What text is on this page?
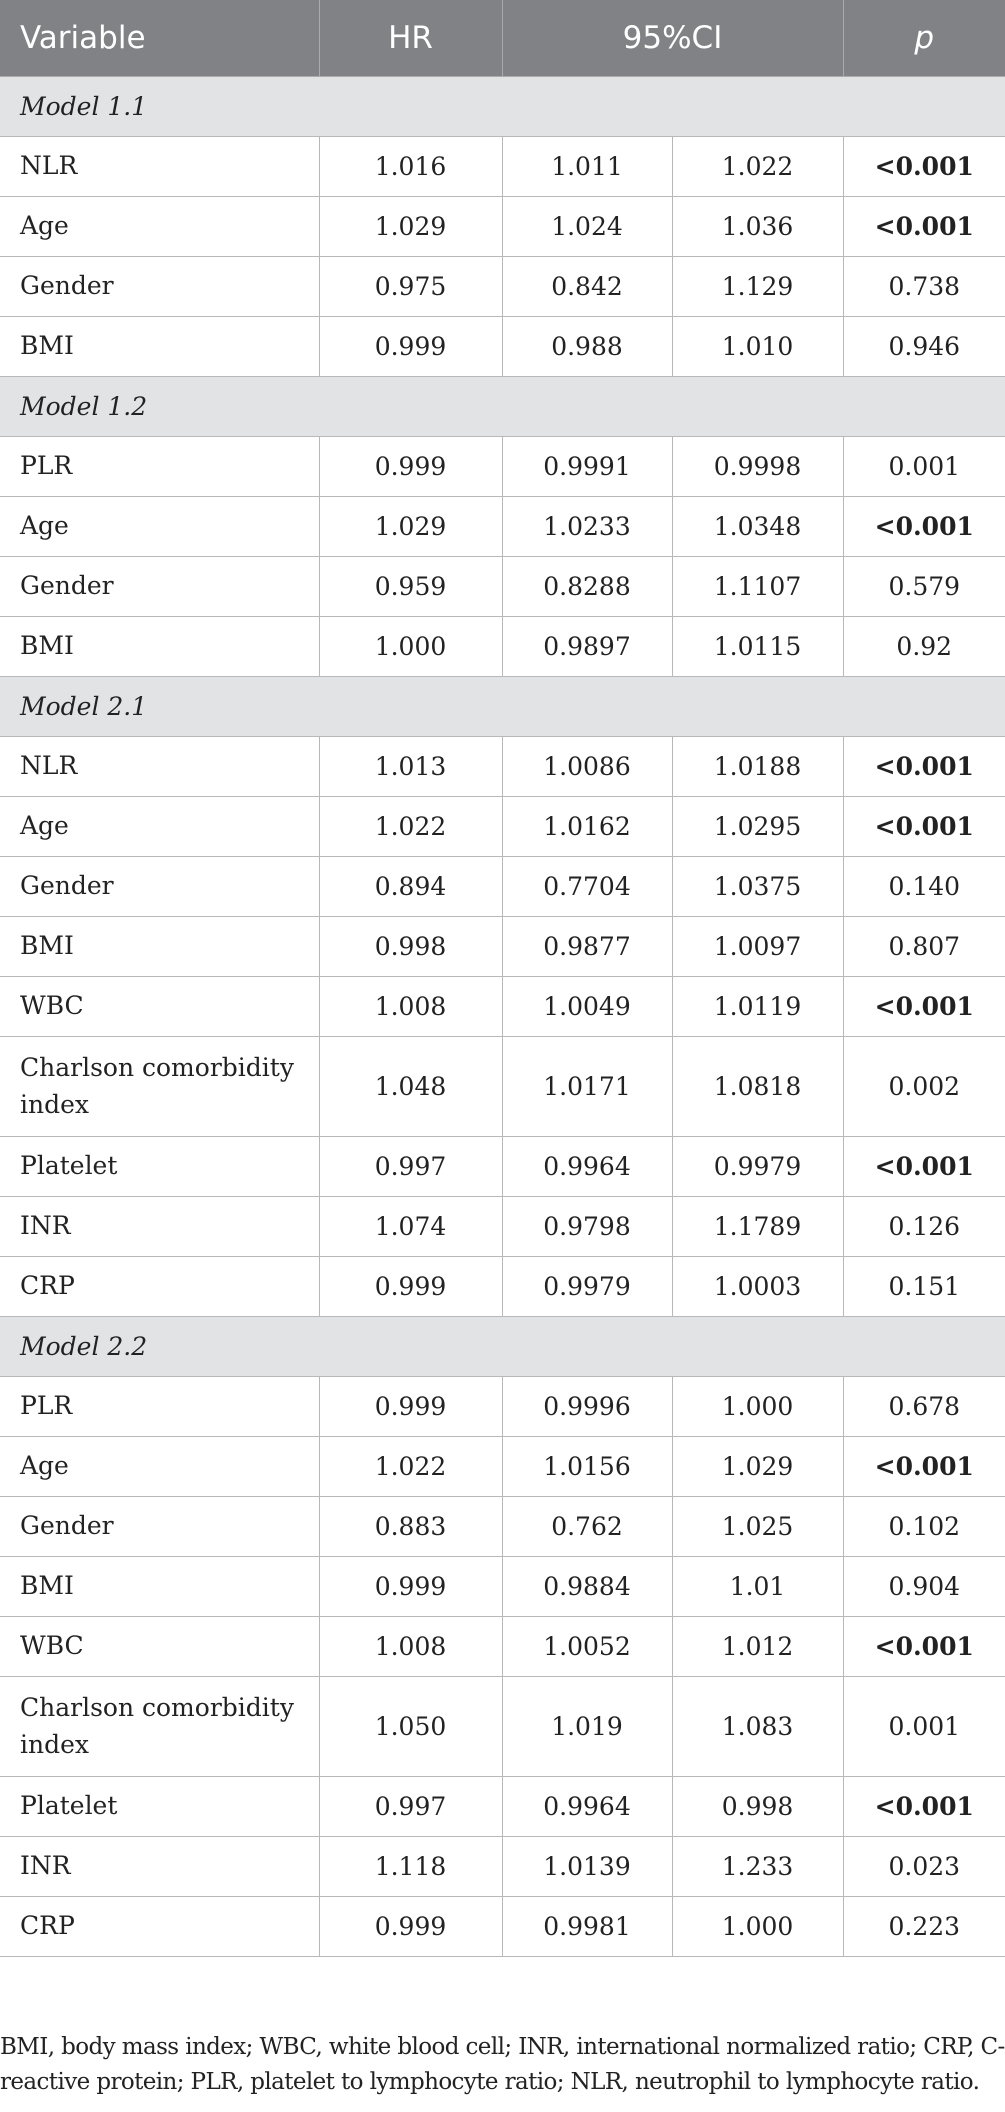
Variable	HR	95%CI		p
Model 1.1				
NLR	1.016	1.011	1.022	<0.001
Age	1.029	1.024	1.036	<0.001
Gender	0.975	0.842	1.129	0.738
BMI	0.999	0.988	1.010	0.946
Model 1.2				
PLR	0.999	0.9991	0.9998	0.001
Age	1.029	1.0233	1.0348	<0.001
Gender	0.959	0.8288	1.1107	0.579
BMI	1.000	0.9897	1.0115	0.92
Model 2.1				
NLR	1.013	1.0086	1.0188	<0.001
Age	1.022	1.0162	1.0295	<0.001
Gender	0.894	0.7704	1.0375	0.140
BMI	0.998	0.9877	1.0097	0.807
WBC	1.008	1.0049	1.0119	<0.001
Charlson comorbidity index	1.048	1.0171	1.0818	0.002
Platelet	0.997	0.9964	0.9979	<0.001
INR	1.074	0.9798	1.1789	0.126
CRP	0.999	0.9979	1.0003	0.151
Model 2.2				
PLR	0.999	0.9996	1.000	0.678
Age	1.022	1.0156	1.029	<0.001
Gender	0.883	0.762	1.025	0.102
BMI	0.999	0.9884	1.01	0.904
WBC	1.008	1.0052	1.012	<0.001
Charlson comorbidity index	1.050	1.019	1.083	0.001
Platelet	0.997	0.9964	0.998	<0.001
INR	1.118	1.0139	1.233	0.023
CRP	0.999	0.9981	1.000	0.223

BMI, body mass index; WBC, white blood cell; INR, international normalized ratio; CRP, C-reactive protein; PLR, platelet to lymphocyte ratio; NLR, neutrophil to lymphocyte ratio.
